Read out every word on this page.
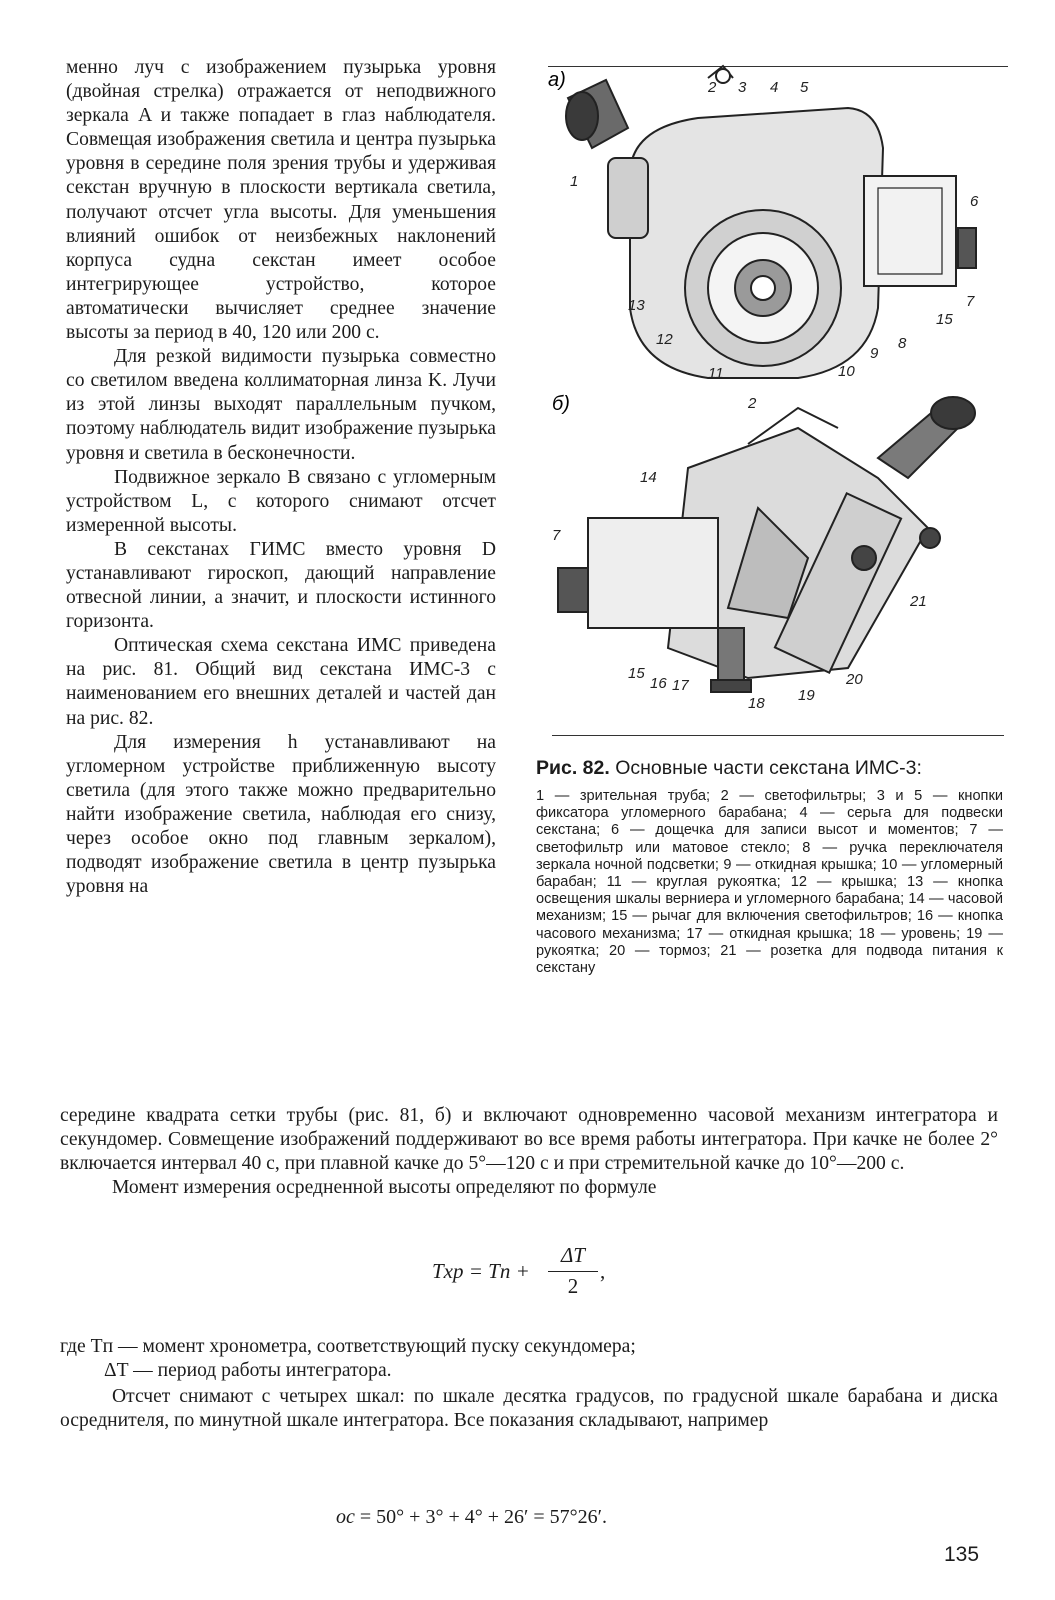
менно луч с изображением пузырька уровня (двойная стрелка) отражается от неподвижного зеркала A и также попадает в глаз наблюдателя. Совмещая изображения светила и центра пузырька уровня в середине поля зрения трубы и удерживая секстан вручную в плоскости вертикала светила, получают отсчет угла высоты. Для уменьшения влияний ошибок от неизбежных наклонений корпуса судна секстан имеет особое интегрирующее устройство, которое автоматически вычисляет среднее значение высоты за период в 40, 120 или 200 с.

Для резкой видимости пузырька совместно со светилом введена коллиматорная линза K. Лучи из этой линзы выходят параллельным пучком, поэтому наблюдатель видит изображение пузырька уровня и светила в бесконечности.

Подвижное зеркало B связано с угломерным устройством L, с которого снимают отсчет измеренной высоты.

В секстанах ГИМС вместо уровня D устанавливают гироскоп, дающий направление отвесной линии, а значит, и плоскости истинного горизонта.

Оптическая схема секстана ИМС приведена на рис. 81. Общий вид секстана ИМС-3 с наименованием его внешних деталей и частей дан на рис. 82.

Для измерения h устанавливают на угломерном устройстве приближенную высоту светила (для этого также можно предварительно найти изображение светила, наблюдая его снизу, через особое окно под главным зеркалом), подводят изображение светила в центр пузырька уровня на

а)
1
2 3 4 5
6
7
8
9
10
11
12
13
15
б)	2
7
14
15
16 17
18 19
20
21

Рис. 82. Основные части секстана ИМС-3:

1 — зрительная труба; 2 — светофильтры; 3 и 5 — кнопки фиксатора угломерного барабана; 4 — серьга для подвески секстана; 6 — дощечка для записи высот и моментов; 7 — светофильтр или матовое стекло; 8 — ручка переключателя зеркала ночной подсветки; 9 — откидная крышка; 10 — угломерный барабан; 11 — круглая рукоятка; 12 — крышка; 13 — кнопка освещения шкалы верниера и угломерного барабана; 14 — часовой механизм; 15 — рычаг для включения светофильтров; 16 — кнопка часового механизма; 17 — откидная крышка; 18 — уровень; 19 — рукоятка; 20 — тормоз; 21 — розетка для подвода питания к секстану

середине квадрата сетки трубы (рис. 81, б) и включают одновременно часовой механизм интегратора и секундомер. Совмещение изображений поддерживают во все время работы интегратора. При качке не более 2° включается интервал 40 с, при плавной качке до 5°—120 с и при стремительной качке до 10°—200 с.

Момент измерения осредненной высоты определяют по формуле

Tхр = Tп +
ΔT
2
,

где Tп — момент хронометра, соответствующий пуску секундомера;

ΔT — период работы интегратора.

Отсчет снимают с четырех шкал: по шкале десятка градусов, по градусной шкале барабана и диска осреднителя, по минутной шкале интегратора. Все показания складывают, например

ос = 50° + 3° + 4° + 26′ = 57°26′.
135
